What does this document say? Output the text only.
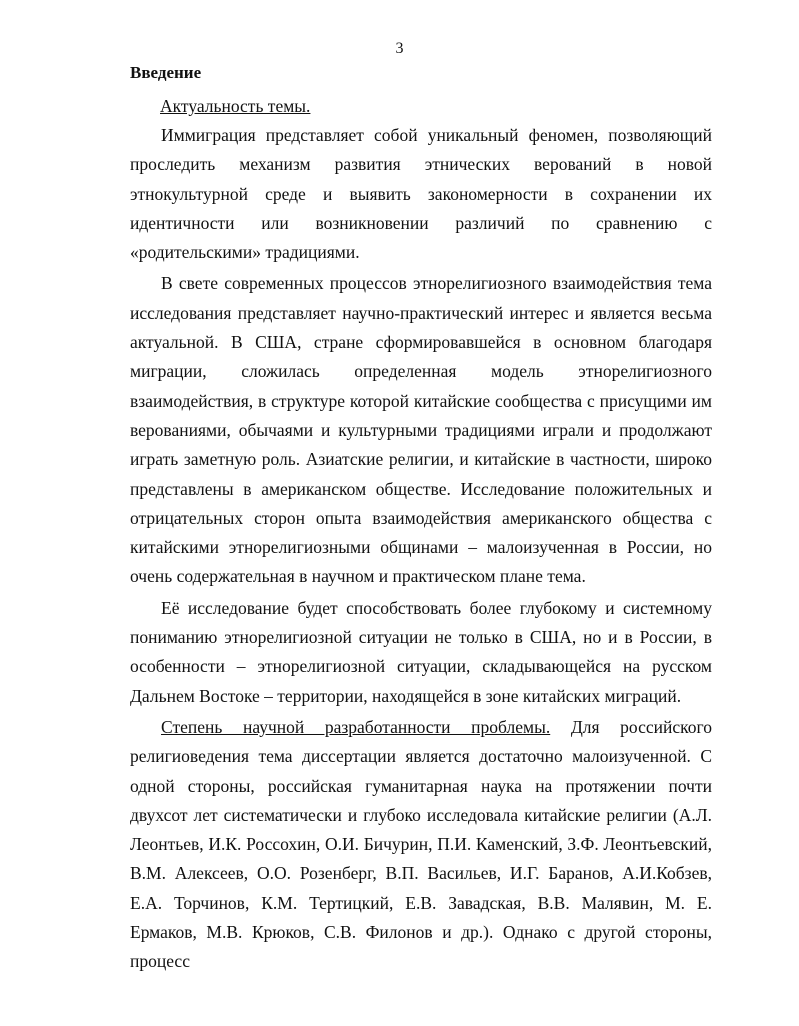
3
Введение
Актуальность темы.

Иммиграция представляет собой уникальный феномен, позволяющий проследить механизм развития этнических верований в новой этнокультурной среде и выявить закономерности в сохранении их идентичности или возникновении различий по сравнению с «родительскими» традициями.

В свете современных процессов этнорелигиозного взаимодействия тема исследования представляет научно-практический интерес и является весьма актуальной. В США, стране сформировавшейся в основном благодаря миграции, сложилась определенная модель этнорелигиозного взаимодействия, в структуре которой китайские сообщества с присущими им верованиями, обычаями и культурными традициями играли и продолжают играть заметную роль. Азиатские религии, и китайские в частности, широко представлены в американском обществе. Исследование положительных и отрицательных сторон опыта взаимодействия американского общества с китайскими этнорелигиозными общинами – малоизученная в России, но очень содержательная в научном и практическом плане тема.

Её исследование будет способствовать более глубокому и системному пониманию этнорелигиозной ситуации не только в США, но и в России, в особенности – этнорелигиозной ситуации, складывающейся на русском Дальнем Востоке – территории, находящейся в зоне китайских миграций.

Степень научной разработанности проблемы. Для российского религиоведения тема диссертации является достаточно малоизученной. С одной стороны, российская гуманитарная наука на протяжении почти двухсот лет систематически и глубоко исследовала китайские религии (А.Л. Леонтьев, И.К. Россохин, О.И. Бичурин, П.И. Каменский, З.Ф. Леонтьевский, В.М. Алексеев, О.О. Розенберг, В.П. Васильев, И.Г. Баранов, А.И.Кобзев, Е.А. Торчинов, К.М. Тертицкий, Е.В. Завадская, В.В. Малявин, М. Е. Ермаков, М.В. Крюков, С.В. Филонов и др.). Однако с другой стороны, процесс
